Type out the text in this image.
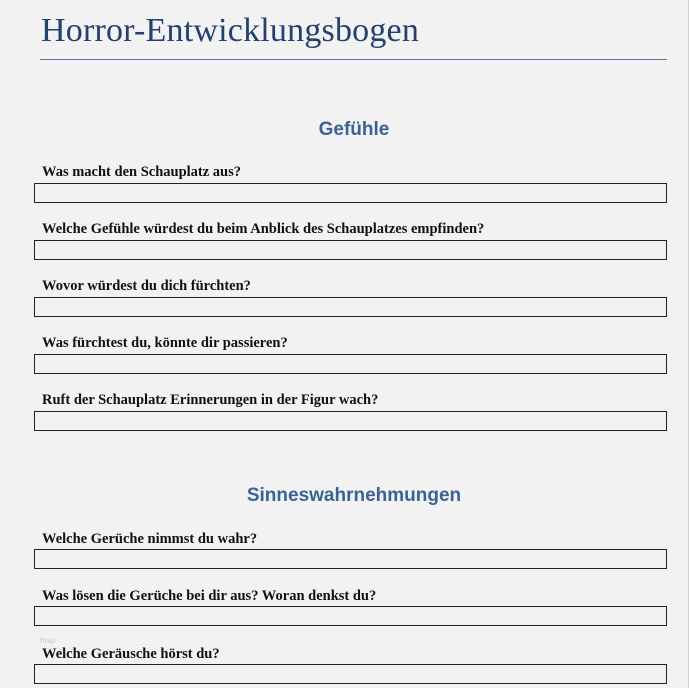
Horror-Entwicklungsbogen
Gefühle
Was macht den Schauplatz aus?
Welche Gefühle würdest du beim Anblick des Schauplatzes empfinden?
Wovor würdest du dich fürchten?
Was fürchtest du, könnte dir passieren?
Ruft der Schauplatz Erinnerungen in der Figur wach?
Sinneswahrnehmungen
Welche Gerüche nimmst du wahr?
Was lösen die Gerüche bei dir aus? Woran denkst du?
hrsp
Welche Geräusche hörst du?
